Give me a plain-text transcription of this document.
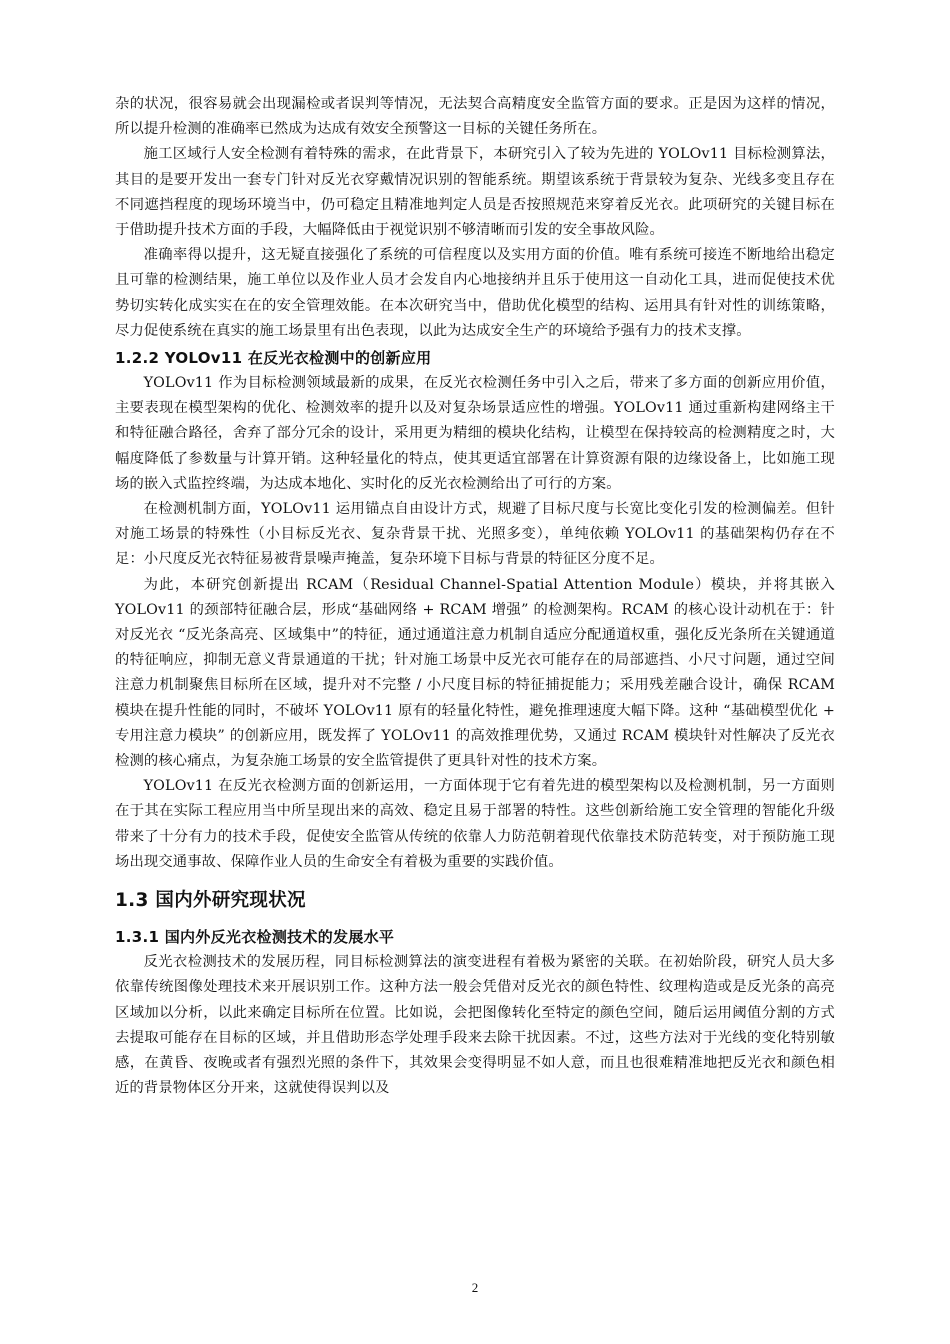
杂的状况，很容易就会出现漏检或者误判等情况，无法契合高精度安全监管方面的要求。正是因为这样的情况，所以提升检测的准确率已然成为达成有效安全预警这一目标的关键任务所在。

施工区域行人安全检测有着特殊的需求，在此背景下，本研究引入了较为先进的 YOLOv11 目标检测算法，其目的是要开发出一套专门针对反光衣穿戴情况识别的智能系统。期望该系统于背景较为复杂、光线多变且存在不同遮挡程度的现场环境当中，仍可稳定且精准地判定人员是否按照规范来穿着反光衣。此项研究的关键目标在于借助提升技术方面的手段，大幅降低由于视觉识别不够清晰而引发的安全事故风险。

准确率得以提升，这无疑直接强化了系统的可信程度以及实用方面的价值。唯有系统可接连不断地给出稳定且可靠的检测结果，施工单位以及作业人员才会发自内心地接纳并且乐于使用这一自动化工具，进而促使技术优势切实转化成实实在在的安全管理效能。在本次研究当中，借助优化模型的结构、运用具有针对性的训练策略，尽力促使系统在真实的施工场景里有出色表现，以此为达成安全生产的环境给予强有力的技术支撑。

1.2.2 YOLOv11 在反光衣检测中的创新应用

YOLOv11 作为目标检测领域最新的成果，在反光衣检测任务中引入之后，带来了多方面的创新应用价值，主要表现在模型架构的优化、检测效率的提升以及对复杂场景适应性的增强。YOLOv11 通过重新构建网络主干和特征融合路径，舍弃了部分冗余的设计，采用更为精细的模块化结构，让模型在保持较高的检测精度之时，大幅度降低了参数量与计算开销。这种轻量化的特点，使其更适宜部署在计算资源有限的边缘设备上，比如施工现场的嵌入式监控终端，为达成本地化、实时化的反光衣检测给出了可行的方案。

在检测机制方面，YOLOv11 运用锚点自由设计方式，规避了目标尺度与长宽比变化引发的检测偏差。但针对施工场景的特殊性（小目标反光衣、复杂背景干扰、光照多变），单纯依赖 YOLOv11 的基础架构仍存在不足：小尺度反光衣特征易被背景噪声掩盖，复杂环境下目标与背景的特征区分度不足。

为此，本研究创新提出 RCAM（Residual Channel-Spatial Attention Module）模块，并将其嵌入 YOLOv11 的颈部特征融合层，形成“基础网络 + RCAM 增强” 的检测架构。RCAM 的核心设计动机在于：针对反光衣 “反光条高亮、区域集中”的特征，通过通道注意力机制自适应分配通道权重，强化反光条所在关键通道的特征响应，抑制无意义背景通道的干扰；针对施工场景中反光衣可能存在的局部遮挡、小尺寸问题，通过空间注意力机制聚焦目标所在区域，提升对不完整 / 小尺度目标的特征捕捉能力；采用残差融合设计，确保 RCAM 模块在提升性能的同时，不破坏 YOLOv11 原有的轻量化特性，避免推理速度大幅下降。这种 “基础模型优化 + 专用注意力模块” 的创新应用，既发挥了 YOLOv11 的高效推理优势，又通过 RCAM 模块针对性解决了反光衣检测的核心痛点，为复杂施工场景的安全监管提供了更具针对性的技术方案。

YOLOv11 在反光衣检测方面的创新运用，一方面体现于它有着先进的模型架构以及检测机制，另一方面则在于其在实际工程应用当中所呈现出来的高效、稳定且易于部署的特性。这些创新给施工安全管理的智能化升级带来了十分有力的技术手段，促使安全监管从传统的依靠人力防范朝着现代依靠技术防范转变，对于预防施工现场出现交通事故、保障作业人员的生命安全有着极为重要的实践价值。

1.3 国内外研究现状况
1.3.1 国内外反光衣检测技术的发展水平

反光衣检测技术的发展历程，同目标检测算法的演变进程有着极为紧密的关联。在初始阶段，研究人员大多依靠传统图像处理技术来开展识别工作。这种方法一般会凭借对反光衣的颜色特性、纹理构造或是反光条的高亮区域加以分析，以此来确定目标所在位置。比如说，会把图像转化至特定的颜色空间，随后运用阈值分割的方式去提取可能存在目标的区域，并且借助形态学处理手段来去除干扰因素。不过，这些方法对于光线的变化特别敏感，在黄昏、夜晚或者有强烈光照的条件下，其效果会变得明显不如人意，而且也很难精准地把反光衣和颜色相近的背景物体区分开来，这就使得误判以及

2
